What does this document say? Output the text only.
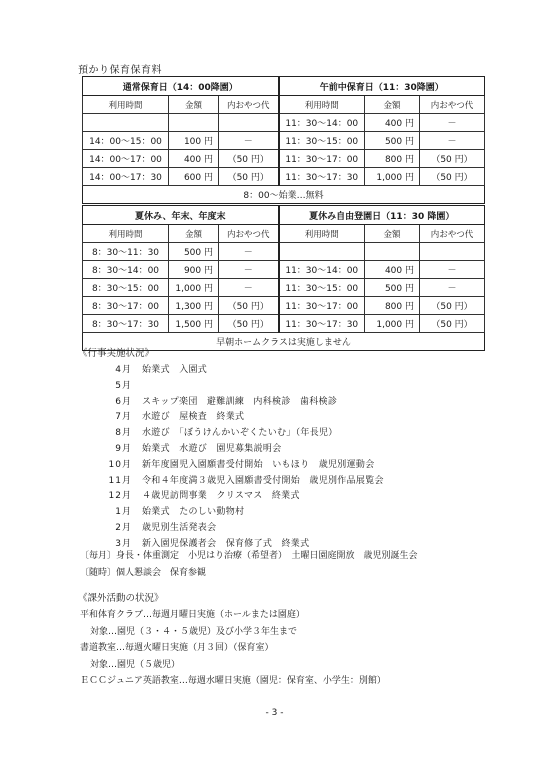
預かり保育保育料
通常保育日（14：00降園）			午前中保育日（11：30降園）		
利用時間	金額	内おやつ代	利用時間	金額	内おやつ代
			11：30～14：00	400 円	－
14：00～15：00	100 円	－	11：30～15：00	500 円	－
14：00～17：00	400 円	（50 円）	11：30～17：00	800 円	（50 円）
14：00～17：30	600 円	（50 円）	11：30～17：30	1,000 円	（50 円）
8：00～始業…無料					
夏休み、年末、年度末			夏休み自由登園日（11：30 降園）		
利用時間	金額	内おやつ代	利用時間	金額	内おやつ代
8：30～11：30	500 円	－			
8：30～14：00	900 円	－	11：30～14：00	400 円	－
8：30～15：00	1,000 円	－	11：30～15：00	500 円	－
8：30～17：00	1,300 円	（50 円）	11：30～17：00	800 円	（50 円）
8：30～17：30	1,500 円	（50 円）	11：30～17：30	1,000 円	（50 円）
早朝ホームクラスは実施しません					
《行事実施状況》
4月 始業式　入園式
5月
6月 スキップ楽団　避難訓練　内科検診　歯科検診
7月 水遊び　屋検査　終業式
8月 水遊び　「ぼうけんかいぞくたいむ」（年長児）
9月 始業式　水遊び　園児募集説明会
10月 新年度園児入園願書受付開始　いもほり　歳児別運動会
11月 令和４年度満３歳児入園願書受付開始　歳児別作品展覧会
12月 ４歳児訪問事業　クリスマス　終業式
1月 始業式　たのしい動物村
2月 歳児別生活発表会
3月 新入園児保護者会　保育修了式　終業式
〔毎月〕身長・体重測定　小児はり治療（希望者）　土曜日園庭開放　歳児別誕生会
〔随時〕個人懇談会　保育参観
《課外活動の状況》
平和体育クラブ…毎週月曜日実施（ホールまたは園庭）
対象…園児（３・４・５歳児）及び小学３年生まで
書道教室…毎週火曜日実施（月３回）（保育室）
対象…園児（５歳児）
ＥＣＣジュニア英語教室…毎週水曜日実施（園児：保育室、小学生：別館）
- 3 -
